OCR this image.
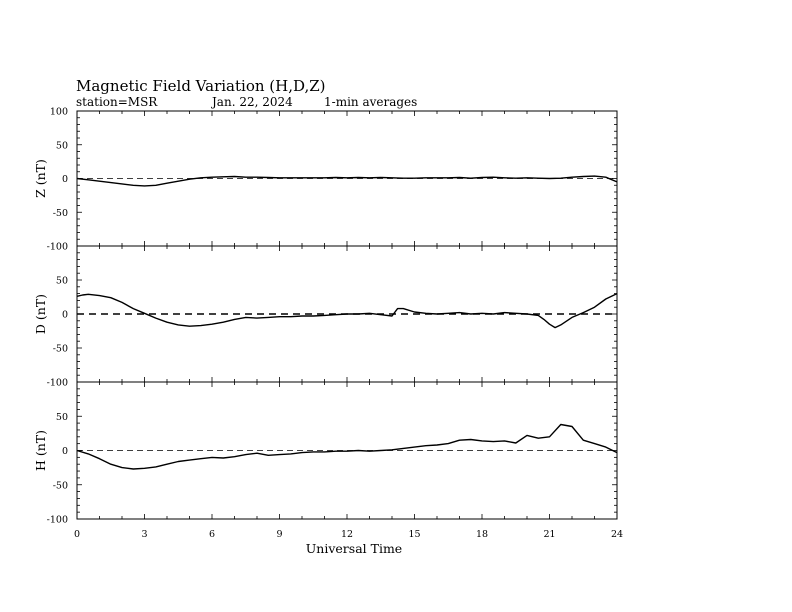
Magnetic Field Variation (H,D,Z)
station=MSR	Jan. 22, 2024	1-min averages
100
50
0
-50
-100
Z (nT)
50
0
-50
-100
D (nT)
50
0
-50
-100
H (nT)
0	3	6	9	12	15	18	21	24
Universal Time
